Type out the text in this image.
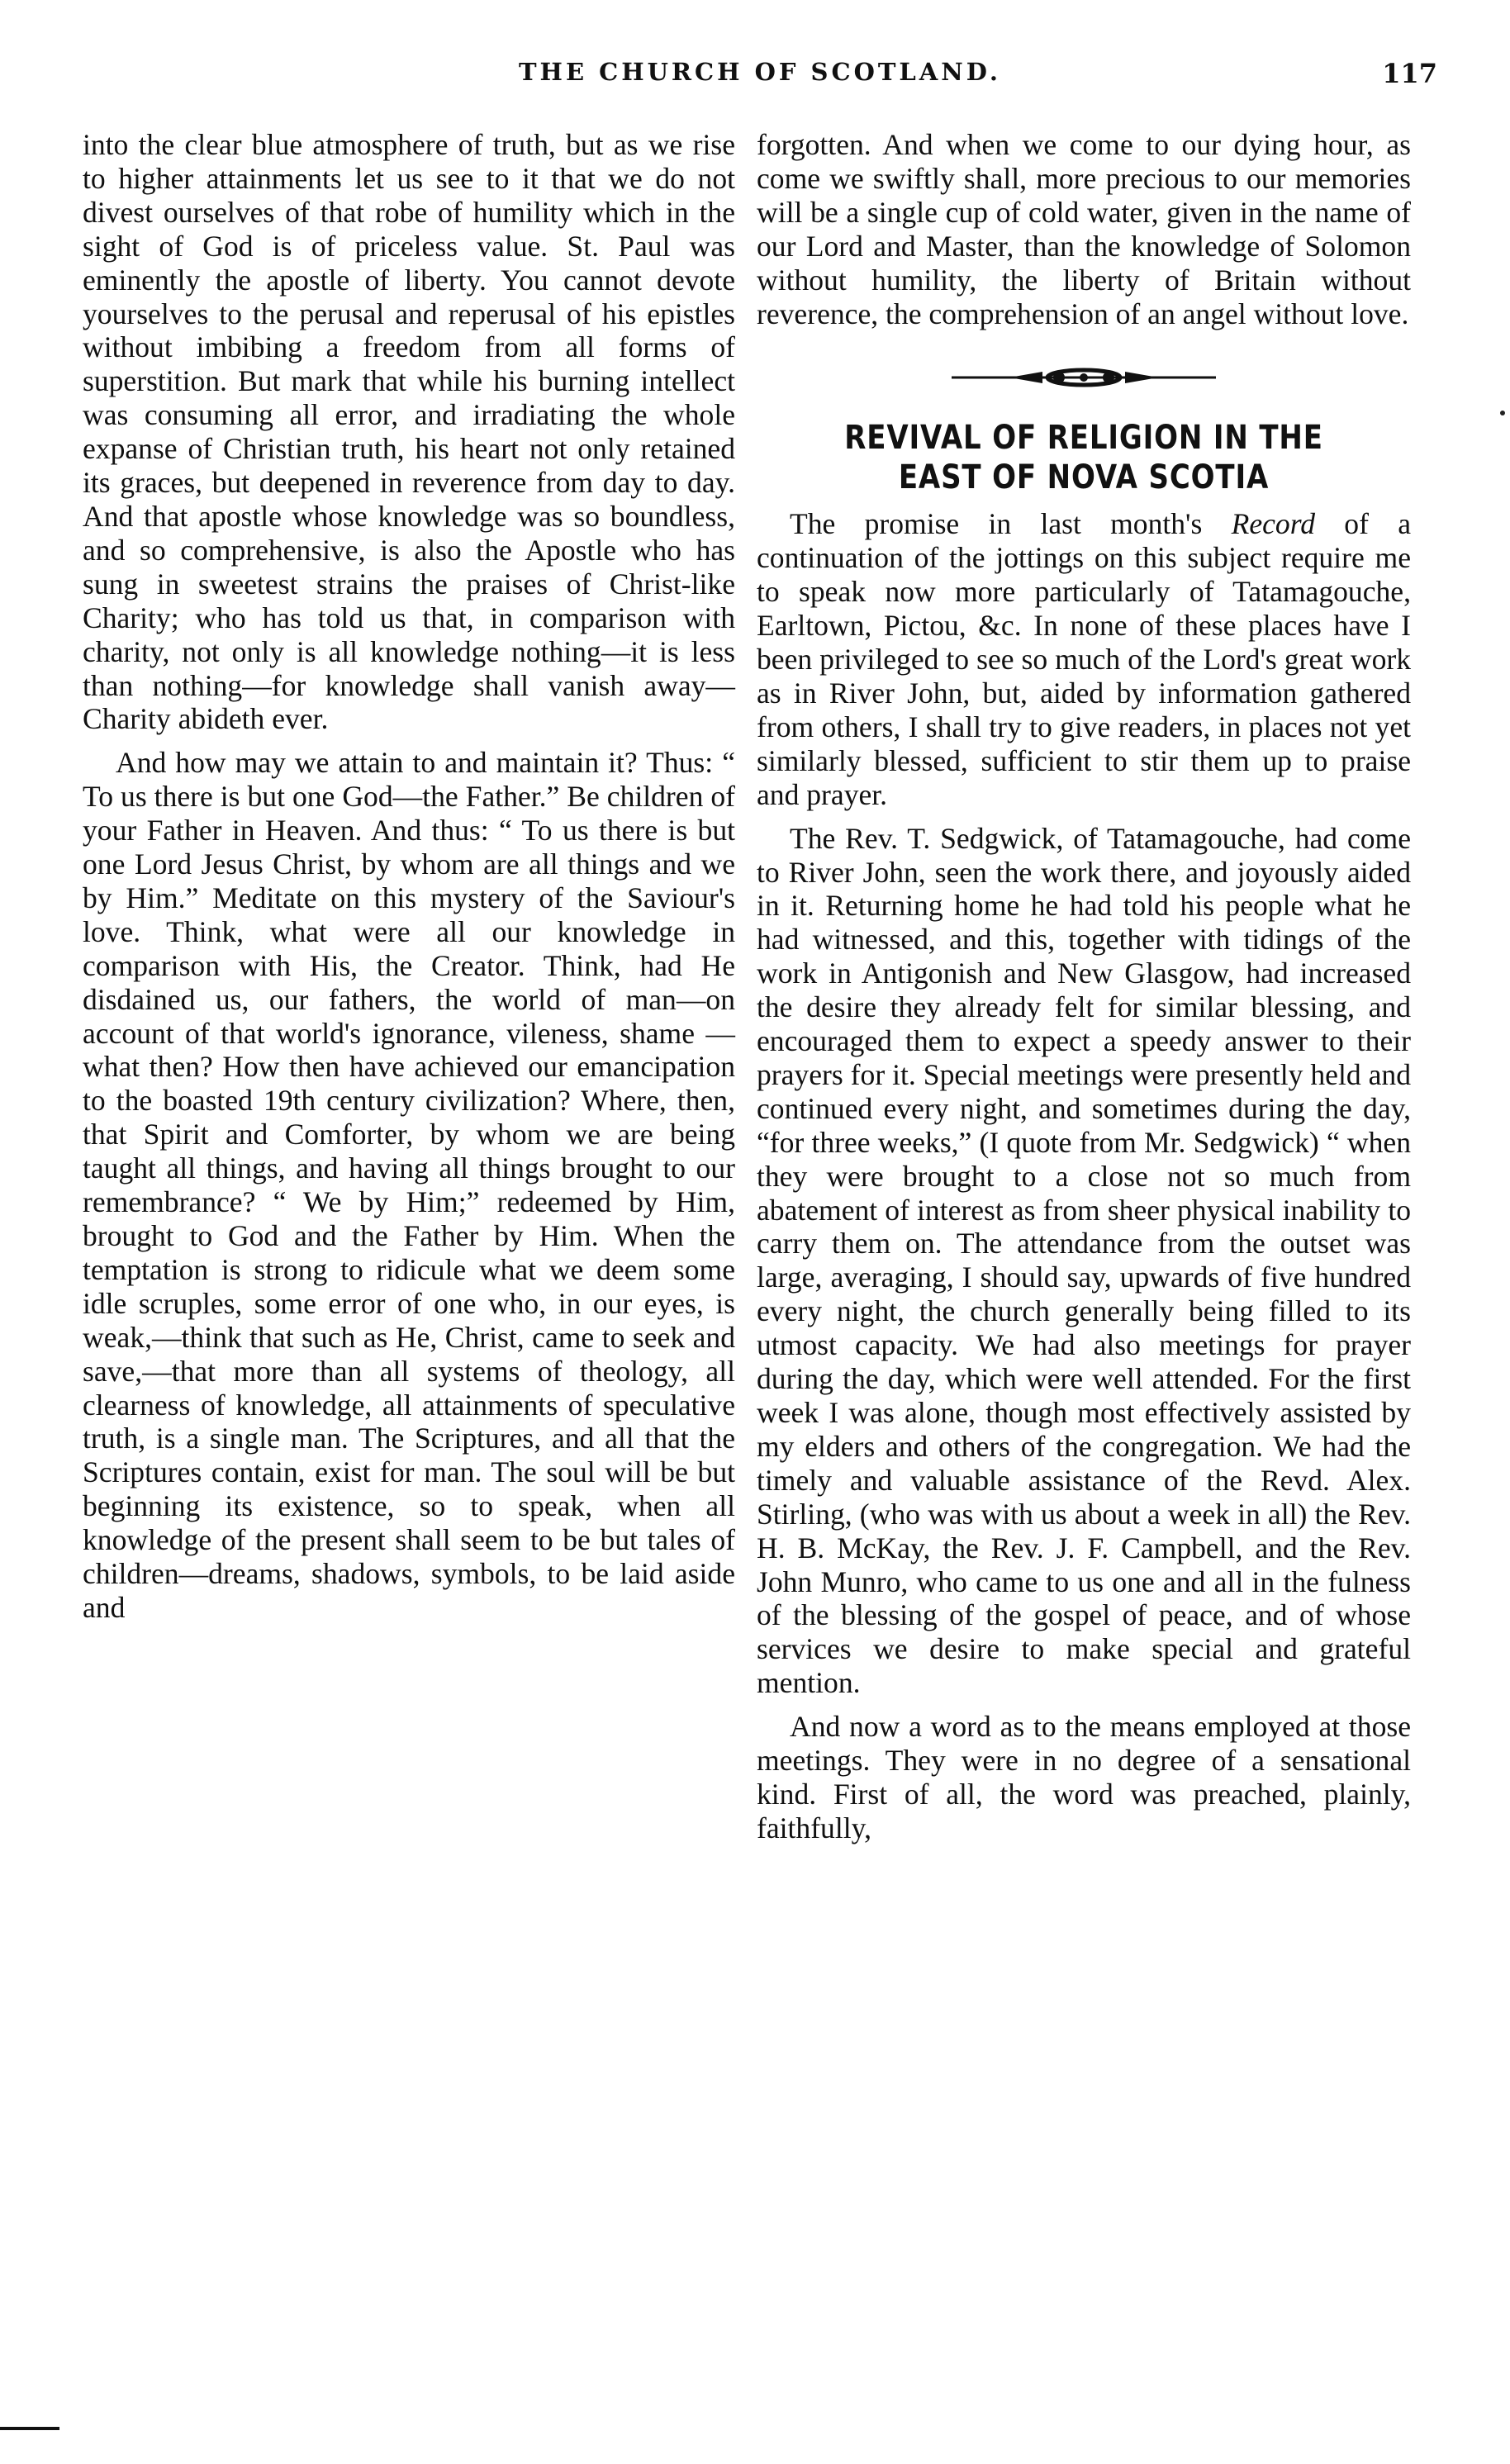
THE CHURCH OF SCOTLAND.	117

into the clear blue atmosphere of truth, but as we rise to higher attainments let us see to it that we do not divest ourselves of that robe of humility which in the sight of God is of priceless value. St. Paul was eminently the apostle of liberty. You cannot devote yourselves to the perusal and reperusal of his epistles without imbibing a freedom from all forms of superstition. But mark that while his burning intellect was consuming all error, and irradiating the whole expanse of Christian truth, his heart not only retained its graces, but deepened in reverence from day to day. And that apostle whose knowledge was so boundless, and so comprehensive, is also the Apostle who has sung in sweetest strains the praises of Christ-like Charity; who has told us that, in comparison with charity, not only is all knowledge nothing—it is less than nothing—for knowledge shall vanish away—Charity abideth ever.

And how may we attain to and maintain it? Thus: “ To us there is but one God—the Father.” Be children of your Father in Heaven. And thus: “ To us there is but one Lord Jesus Christ, by whom are all things and we by Him.” Meditate on this mystery of the Saviour's love. Think, what were all our knowledge in comparison with His, the Creator. Think, had He disdained us, our fathers, the world of man—on account of that world's ignorance, vileness, shame —what then? How then have achieved our emancipation to the boasted 19th century civilization? Where, then, that Spirit and Comforter, by whom we are being taught all things, and having all things brought to our remembrance? “ We by Him;” redeemed by Him, brought to God and the Father by Him. When the temptation is strong to ridicule what we deem some idle scruples, some error of one who, in our eyes, is weak,—think that such as He, Christ, came to seek and save,—that more than all systems of theology, all clearness of knowledge, all attainments of speculative truth, is a single man. The Scriptures, and all that the Scriptures contain, exist for man. The soul will be but beginning its existence, so to speak, when all knowledge of the present shall seem to be but tales of children—dreams, shadows, symbols, to be laid aside and

forgotten. And when we come to our dying hour, as come we swiftly shall, more precious to our memories will be a single cup of cold water, given in the name of our Lord and Master, than the knowledge of Solomon without humility, the liberty of Britain without reverence, the comprehension of an angel without love.

REVIVAL OF RELIGION IN THE EAST OF NOVA SCOTIA

The promise in last month's Record of a continuation of the jottings on this subject require me to speak now more particularly of Tatamagouche, Earltown, Pictou, &c. In none of these places have I been privileged to see so much of the Lord's great work as in River John, but, aided by information gathered from others, I shall try to give readers, in places not yet similarly blessed, sufficient to stir them up to praise and prayer.

The Rev. T. Sedgwick, of Tatamagouche, had come to River John, seen the work there, and joyously aided in it. Returning home he had told his people what he had witnessed, and this, together with tidings of the work in Antigonish and New Glasgow, had increased the desire they already felt for similar blessing, and encouraged them to expect a speedy answer to their prayers for it. Special meetings were presently held and continued every night, and sometimes during the day, “for three weeks,” (I quote from Mr. Sedgwick) “ when they were brought to a close not so much from abatement of interest as from sheer physical inability to carry them on. The attendance from the outset was large, averaging, I should say, upwards of five hundred every night, the church generally being filled to its utmost capacity. We had also meetings for prayer during the day, which were well attended. For the first week I was alone, though most effectively assisted by my elders and others of the congregation. We had the timely and valuable assistance of the Revd. Alex. Stirling, (who was with us about a week in all) the Rev. H. B. McKay, the Rev. J. F. Campbell, and the Rev. John Munro, who came to us one and all in the fulness of the blessing of the gospel of peace, and of whose services we desire to make special and grateful mention.

And now a word as to the means employed at those meetings. They were in no degree of a sensational kind. First of all, the word was preached, plainly, faithfully,
